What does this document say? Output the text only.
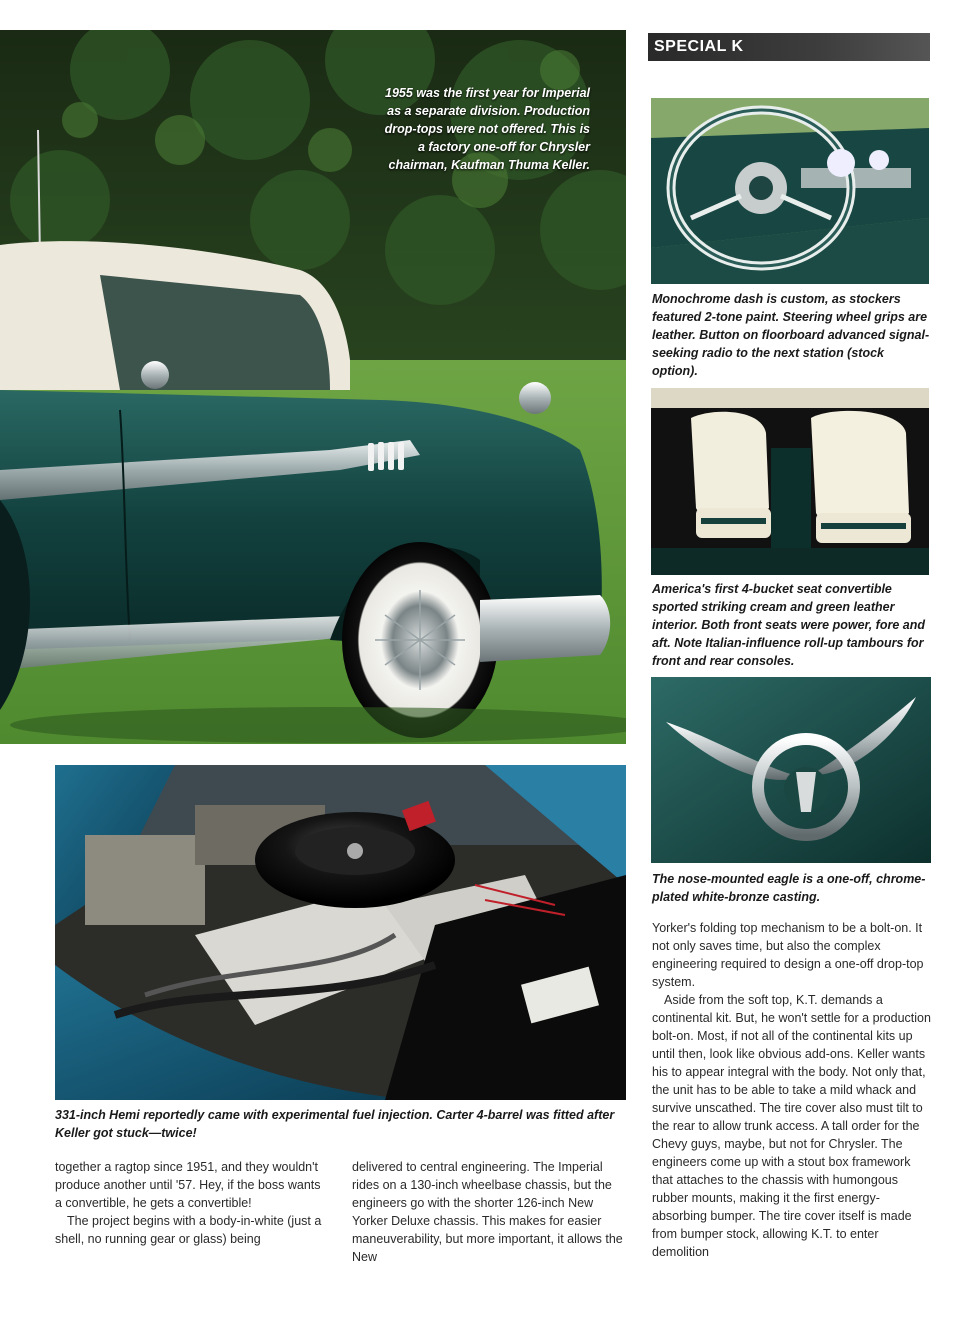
1955 was the first year for Imperial as a separate division. Production drop-tops were not offered. This is a factory one-off for Chrysler chairman, Kaufman Thuma Keller.
331-inch Hemi reportedly came with experimental fuel injection. Carter 4-barrel was fitted after Keller got stuck—twice!
SPECIAL K
Monochrome dash is custom, as stockers featured 2-tone paint. Steering wheel grips are leather. Button on floorboard advanced signal-seeking radio to the next station (stock option).
America's first 4-bucket seat convertible sported striking cream and green leather interior. Both front seats were power, fore and aft. Note Italian-influence roll-up tambours for front and rear consoles.
The nose-mounted eagle is a one-off, chrome-plated white-bronze casting.

together a ragtop since 1951, and they wouldn't produce another until '57. Hey, if the boss wants a convertible, he gets a convertible!

The project begins with a body-in-white (just a shell, no running gear or glass) being

delivered to central engineering. The Imperial rides on a 130-inch wheelbase chassis, but the engineers go with the shorter 126-inch New Yorker Deluxe chassis. This makes for easier maneuverability, but more important, it allows the New

Yorker's folding top mechanism to be a bolt-on. It not only saves time, but also the complex engineering required to design a one-off drop-top system.

Aside from the soft top, K.T. demands a continental kit. But, he won't settle for a production bolt-on. Most, if not all of the continental kits up until then, look like obvious add-ons. Keller wants his to appear integral with the body. Not only that, the unit has to be able to take a mild whack and survive unscathed. The tire cover also must tilt to the rear to allow trunk access. A tall order for the Chevy guys, maybe, but not for Chrysler. The engineers come up with a stout box framework that attaches to the chassis with humongous rubber mounts, making it the first energy-absorbing bumper. The tire cover itself is made from bumper stock, allowing K.T. to enter demolition
